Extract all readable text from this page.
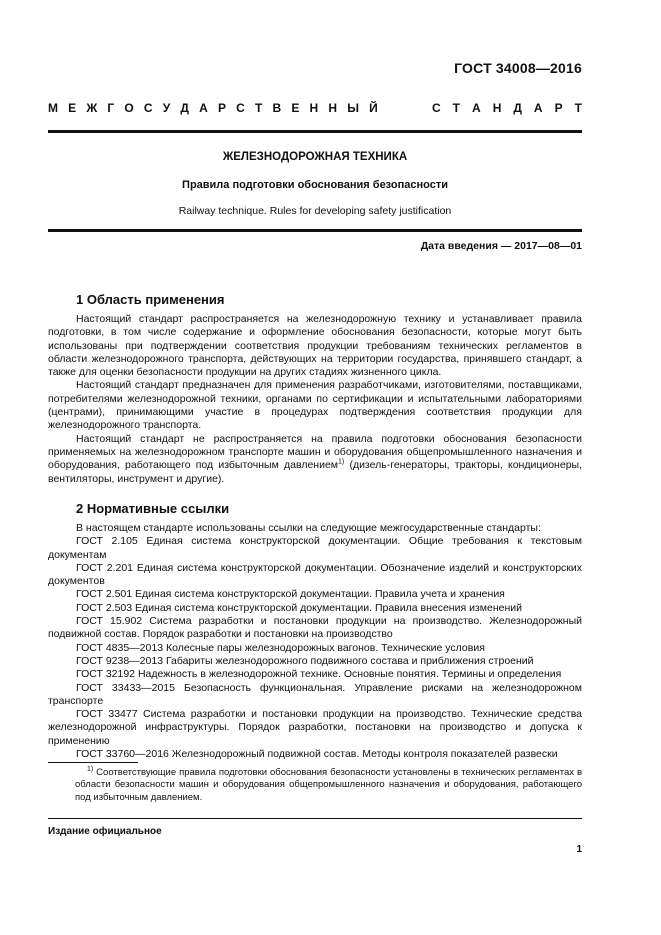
ГОСТ 34008—2016
М Е Ж Г О С У Д А Р С Т В Е Н Н Ы Й	С Т А Н Д А Р Т
ЖЕЛЕЗНОДОРОЖНАЯ ТЕХНИКА
Правила подготовки обоснования безопасности
Railway technique. Rules for developing safety justification
Дата введения — 2017—08—01
1 Область применения

Настоящий стандарт распространяется на железнодорожную технику и устанавливает правила подготовки, в том числе содержание и оформление обоснования безопасности, которые могут быть использованы при подтверждении соответствия продукции требованиям технических регламентов в области железнодорожного транспорта, действующих на территории государства, принявшего стандарт, а также для оценки безопасности продукции на других стадиях жизненного цикла.

Настоящий стандарт предназначен для применения разработчиками, изготовителями, поставщиками, потребителями железнодорожной техники, органами по сертификации и испытательными лабораториями (центрами), принимающими участие в процедурах подтверждения соответствия продукции для железнодорожного транспорта.

Настоящий стандарт не распространяется на правила подготовки обоснования безопасности применяемых на железнодорожном транспорте машин и оборудования общепромышленного назначения и оборудования, работающего под избыточным давлением$^{1)}$ (дизель-генераторы, тракторы, кондиционеры, вентиляторы, инструмент и другие).

2 Нормативные ссылки

В настоящем стандарте использованы ссылки на следующие межгосударственные стандарты:

ГОСТ 2.105 Единая система конструкторской документации. Общие требования к текстовым документам

ГОСТ 2.201 Единая система конструкторской документации. Обозначение изделий и конструкторских документов

ГОСТ 2.501 Единая система конструкторской документации. Правила учета и хранения

ГОСТ 2.503 Единая система конструкторской документации. Правила внесения изменений

ГОСТ 15.902 Система разработки и постановки продукции на производство. Железнодорожный подвижной состав. Порядок разработки и постановки на производство

ГОСТ 4835—2013 Колесные пары железнодорожных вагонов. Технические условия

ГОСТ 9238—2013 Габариты железнодорожного подвижного состава и приближения строений

ГОСТ 32192 Надежность в железнодорожной технике. Основные понятия. Термины и определения

ГОСТ 33433—2015 Безопасность функциональная. Управление рисками на железнодорожном транспорте

ГОСТ 33477 Система разработки и постановки продукции на производство. Технические средства железнодорожной инфраструктуры. Порядок разработки, постановки на производство и допуска к применению

ГОСТ 33760—2016 Железнодорожный подвижной состав. Методы контроля показателей развески

$^{1)}$ Соответствующие правила подготовки обоснования безопасности установлены в технических регламентах в области безопасности машин и оборудования общепромышленного назначения и оборудования, работающего под избыточным давлением.

Издание официальное
1
